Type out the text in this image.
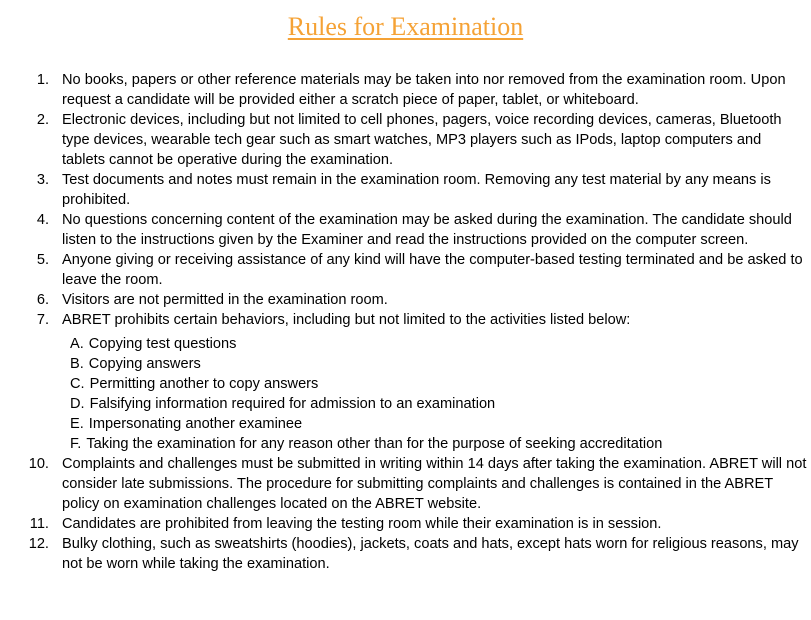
Rules for Examination
1. No books, papers or other reference materials may be taken into nor removed from the examination room. Upon request a candidate will be provided either a scratch piece of paper, tablet, or whiteboard.
2. Electronic devices, including but not limited to cell phones, pagers, voice recording devices, cameras, Bluetooth type devices, wearable tech gear such as smart watches, MP3 players such as IPods, laptop computers and tablets cannot be operative during the examination.
3. Test documents and notes must remain in the examination room. Removing any test material by any means is prohibited.
4. No questions concerning content of the examination may be asked during the examination. The candidate should listen to the instructions given by the Examiner and read the instructions provided on the computer screen.
5. Anyone giving or receiving assistance of any kind will have the computer-based testing terminated and be asked to leave the room.
6. Visitors are not permitted in the examination room.
7. ABRET prohibits certain behaviors, including but not limited to the activities listed below:
A. Copying test questions
B. Copying answers
C. Permitting another to copy answers
D. Falsifying information required for admission to an examination
E. Impersonating another examinee
F. Taking the examination for any reason other than for the purpose of seeking accreditation
10. Complaints and challenges must be submitted in writing within 14 days after taking the examination. ABRET will not consider late submissions. The procedure for submitting complaints and challenges is contained in the ABRET policy on examination challenges located on the ABRET website.
11. Candidates are prohibited from leaving the testing room while their examination is in session.
12. Bulky clothing, such as sweatshirts (hoodies), jackets, coats and hats, except hats worn for religious reasons, may not be worn while taking the examination.
